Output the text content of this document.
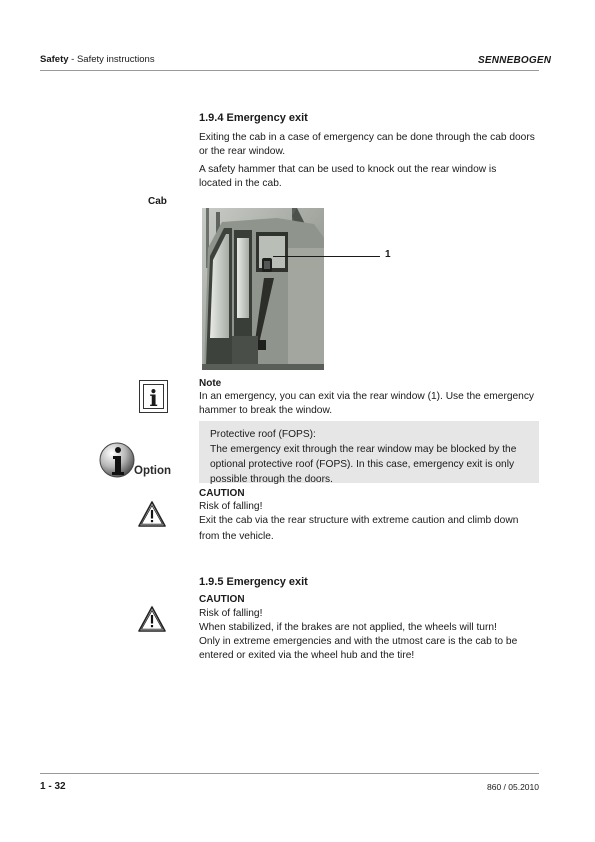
Safety - Safety instructions	SENNEBOGEN
1.9.4 Emergency exit
Exiting the cab in a case of emergency can be done through the cab doors or the rear window.
A safety hammer that can be used to knock out the rear window is located in the cab.
Cab
1
i
Note
In an emergency, you can exit via the rear window (1). Use the emergency hammer to break the window.
Protective roof (FOPS):
The emergency exit through the rear window may be blocked by the
optional protective roof (FOPS). In this case, emergency exit is only
possible through the doors.
Option
CAUTION
Risk of falling!
Exit the cab via the rear structure with extreme caution and climb down
from the vehicle.
1.9.5 Emergency exit
CAUTION
Risk of falling!
When stabilized, if the brakes are not applied, the wheels will turn!
Only in extreme emergencies and with the utmost care is the cab to be
entered or exited via the wheel hub and the tire!
1 - 32	860 / 05.2010
